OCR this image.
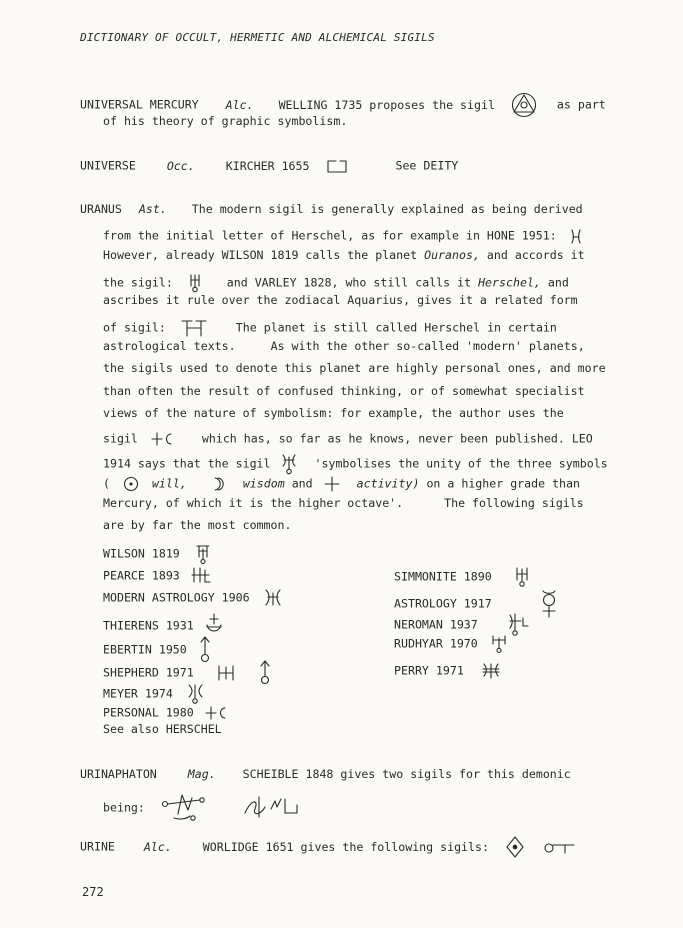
DICTIONARY OF OCCULT, HERMETIC AND ALCHEMICAL SIGILS
UNIVERSAL MERCURY Alc. WELLING 1735 proposes the sigil	as part
of his theory of graphic symbolism.
UNIVERSE	Occ.	KIRCHER 1655	See DEITY
URANUS Ast. The modern sigil is generally explained as being derived
from the initial letter of Herschel, as for example in HONE 1951:
However, already WILSON 1819 calls the planet Ouranos, and accords it
the sigil:	and VARLEY 1828, who still calls it Herschel, and
ascribes it rule over the zodiacal Aquarius, gives it a related form
of sigil:	The planet is still called Herschel in certain
astrological texts.	As with the other so-called 'modern' planets,
the sigils used to denote this planet are highly personal ones, and more
than often the result of confused thinking, or of somewhat specialist
views of the nature of symbolism: for example, the author uses the
sigil	which has, so far as he knows, never been published. LEO
1914 says that the sigil	'symbolises the unity of the three symbols
(	will,	wisdom and	activity) on a higher grade than
Mercury, of which it is the higher octave'.	The following sigils
are by far the most common.
WILSON 1819
PEARCE 1893
MODERN ASTROLOGY 1906
THIERENS 1931
EBERTIN 1950
SHEPHERD 1971

MEYER 1974
PERSONAL 1980
See also HERSCHEL
SIMMONITE 1890
ASTROLOGY 1917
NEROMAN 1937
RUDHYAR 1970
PERRY 1971
URINAPHATON	Mag. SCHEIBLE 1848 gives two sigils for this demonic
being:

URINE Alc.	WORLIDGE 1651 gives the following sigils:

272
